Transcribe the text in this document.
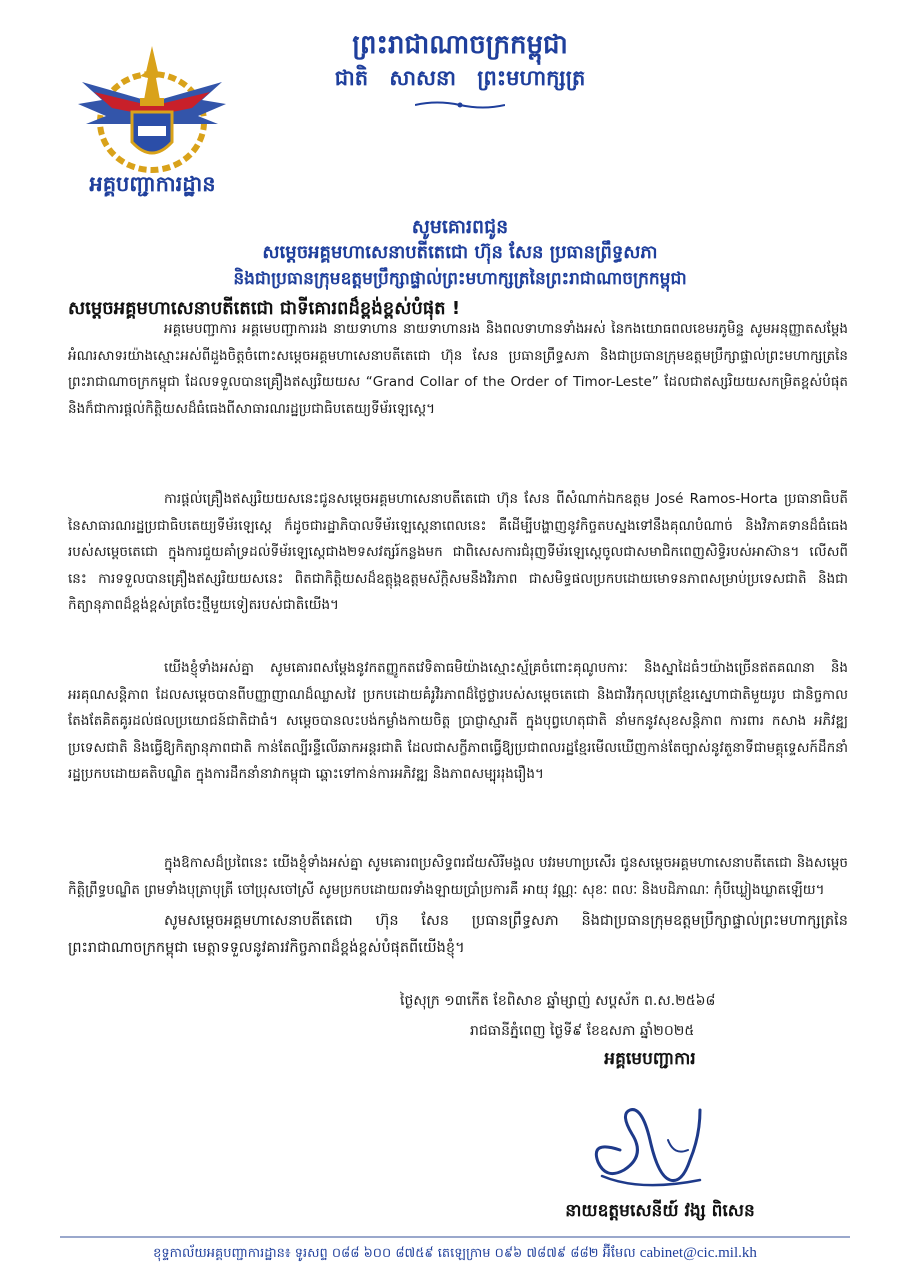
ព្រះរាជាណាចក្រកម្ពុជា
ជាតិ សាសនា ព្រះមហាក្សត្រ
អគ្គបញ្ជាការដ្ឋាន
សូមគោរពជូន
សម្តេចអគ្គមហាសេនាបតីតេជោ ហ៊ុន សែន ប្រធានព្រឹទ្ធសភា
និងជាប្រធានក្រុមឧត្តមប្រឹក្សាផ្ទាល់ព្រះមហាក្សត្រនៃព្រះរាជាណាចក្រកម្ពុជា
សម្តេចអគ្គមហាសេនាបតីតេជោ ជាទីគោរពដ៏ខ្ពង់ខ្ពស់បំផុត !

អគ្គមេបញ្ជាការ អគ្គមេបញ្ជាការរង នាយទាហាន នាយទាហានរង និងពលទាហានទាំងអស់ នៃកងយោធពលខេមរភូមិន្ទ សូមអនុញ្ញាតសម្តែងអំណរសាទរយ៉ាងស្មោះអស់ពីដួងចិត្តចំពោះសម្តេចអគ្គមហាសេនាបតីតេជោ ហ៊ុន សែន ប្រធានព្រឹទ្ធសភា និងជាប្រធានក្រុមឧត្តមប្រឹក្សាផ្ទាល់ព្រះមហាក្សត្រនៃព្រះរាជាណាចក្រកម្ពុជា ដែលទទួលបានគ្រឿងឥស្សរិយយស “Grand Collar of the Order of Timor-Leste” ដែលជាឥស្សរិយយសកម្រិតខ្ពស់បំផុត និងក៏ជាការផ្តល់កិត្តិយសដ៏ធំធេងពីសាធារណរដ្ឋប្រជាធិបតេយ្យទីម័រឡេស្តេ។

ការផ្តល់គ្រឿងឥស្សរិយយសនេះជូនសម្តេចអគ្គមហាសេនាបតីតេជោ ហ៊ុន សែន ពីសំណាក់ឯកឧត្តម José Ramos-Horta ប្រធានាធិបតីនៃសាធារណរដ្ឋប្រជាធិបតេយ្យទីម័រឡេស្តេ ក៏ដូចជារដ្ឋាភិបាលទីម័រឡេស្តេនាពេលនេះ គឺដើម្បីបង្ហាញនូវកិច្ចតបស្នងទៅនឹងគុណបំណាច់ និងវិភាគទានដ៏ធំធេងរបស់សម្តេចតេជោ ក្នុងការជួយគាំទ្រដល់ទីម័រឡេស្តេជាង២ទសវត្សរ៍កន្លងមក ជាពិសេសការជំរុញទីម័រឡេស្តេចូលជាសមាជិកពេញសិទ្ធិរបស់អាស៊ាន។ លើសពីនេះ ការទទួលបានគ្រឿងឥស្សរិយយសនេះ ពិតជាកិត្តិយសដ៏ឧត្តុង្គឧត្តមស័ក្តិសមនឹងវិរភាព ជាសមិទ្ធផលប្រកបដោយមោទនភាពសម្រាប់ប្រទេសជាតិ និងជាកិត្យានុភាពដ៏ខ្ពង់ខ្ពស់ត្រចែះថ្មីមួយទៀតរបស់ជាតិយើង។

យើងខ្ញុំទាំងអស់គ្នា សូមគោរពសម្តែងនូវកតញ្ញូកតវេទិតាធមិយ៉ាងស្មោះស្ម័គ្រចំពោះគុណូបការៈ និងស្នាដៃធំៗយ៉ាងច្រើនឥតគណនា និងអរគុណសន្តិភាព ដែលសម្តេចបានពីបញ្ញាញាណដ៏ឈ្លាសវៃ ប្រកបដោយគំរូវិរភាពដ៏ថ្លៃថ្លារបស់សម្តេចតេជោ និងជាវីរកុលបុត្រខ្មែរស្នេហាជាតិមួយរូប ជានិច្ចកាលតែងតែគិតគូរដល់ផលប្រយោជន៍ជាតិជាធំ។ សម្តេចបានលះបង់កម្លាំងកាយចិត្ត ប្រាជ្ញាស្មារតី ក្នុងបុព្វហេតុជាតិ នាំមកនូវសុខសន្តិភាព ការពារ កសាង អភិវឌ្ឍប្រទេសជាតិ និងធ្វើឱ្យកិត្យានុភាពជាតិ កាន់តែល្បីរន្ទឺលើឆាកអន្តរជាតិ ដែលជាសក្ខីភាពធ្វើឱ្យប្រជាពលរដ្ឋខ្មែរមើលឃើញកាន់តែច្បាស់នូវតួនាទីជាមគ្គុទ្ទេសក៍ដឹកនាំរដ្ឋប្រកបដោយគតិបណ្ឌិត ក្នុងការដឹកនាំនាវាកម្ពុជា ឆ្ពោះទៅកាន់ការអភិវឌ្ឍ និងភាពសម្បុររុងរឿង។

ក្នុងឱកាសដ៏ប្រពៃនេះ យើងខ្ញុំទាំងអស់គ្នា សូមគោរពប្រសិទ្ធពរជ័យសិរីមង្គល បវរមហាប្រសើរ ជូនសម្តេចអគ្គមហាសេនាបតីតេជោ និងសម្តេចកិត្តិព្រឹទ្ធបណ្ឌិត ព្រមទាំងបុត្រាបុត្រី ចៅប្រុសចៅស្រី សូមប្រកបដោយពរទាំងឡាយប្រាំប្រការគឺ អាយុ វណ្ណៈ សុខៈ ពលៈ និងបដិភាណៈ កុំបីឃ្លៀងឃ្លាតឡើយ។

សូមសម្តេចអគ្គមហាសេនាបតីតេជោ ហ៊ុន សែន ប្រធានព្រឹទ្ធសភា និងជាប្រធានក្រុមឧត្តមប្រឹក្សាផ្ទាល់ព្រះមហាក្សត្រនៃព្រះរាជាណាចក្រកម្ពុជា មេត្តាទទួលនូវគារវកិច្ចភាពដ៏ខ្ពង់ខ្ពស់បំផុតពីយើងខ្ញុំ។

ថ្ងៃសុក្រ ១៣កើត ខែពិសាខ ឆ្នាំម្សាញ់ សប្តស័ក ព.ស.២៥៦៨
រាជធានីភ្នំពេញ ថ្ងៃទី៩ ខែឧសភា ឆ្នាំ២០២៥
អគ្គមេបញ្ជាការ
នាយឧត្តមសេនីយ៍ វង្ស ពិសេន
ខុទ្ទកាល័យអគ្គបញ្ជាការដ្ឋាន៖ ទូរសព្ទ ០៨៨ ៦០០ ៨៧៥៩ តេឡេក្រាម ០៩៦ ៧៨៧៩ ៨៨២ អ៊ីមែល cabinet@cic.mil.kh
